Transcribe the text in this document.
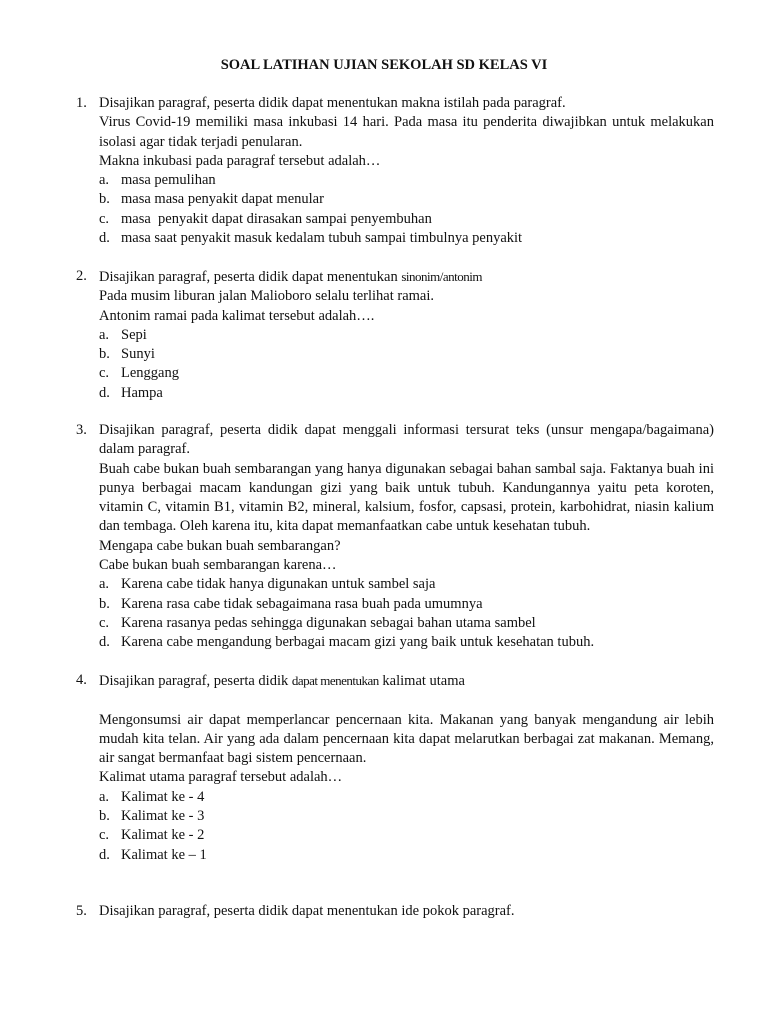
SOAL LATIHAN UJIAN SEKOLAH SD KELAS VI
1. Disajikan paragraf, peserta didik dapat menentukan makna istilah pada paragraf.
Virus Covid-19 memiliki masa inkubasi 14 hari. Pada masa itu penderita diwajibkan untuk melakukan isolasi agar tidak terjadi penularan.
Makna inkubasi pada paragraf tersebut adalah…
a. masa pemulihan
b. masa masa penyakit dapat menular
c. masa  penyakit dapat dirasakan sampai penyembuhan
d. masa saat penyakit masuk kedalam tubuh sampai timbulnya penyakit
2. Disajikan paragraf, peserta didik dapat menentukan sinonim/antonim
Pada musim liburan jalan Malioboro selalu terlihat ramai.
Antonim ramai pada kalimat tersebut adalah….
a. Sepi
b. Sunyi
c. Lenggang
d. Hampa
3. Disajikan paragraf, peserta didik dapat menggali informasi tersurat teks (unsur mengapa/bagaimana) dalam paragraf.
Buah cabe bukan buah sembarangan yang hanya digunakan sebagai bahan sambal saja. Faktanya buah ini punya berbagai macam kandungan gizi yang baik untuk tubuh. Kandungannya yaitu peta koroten, vitamin C, vitamin B1, vitamin B2, mineral, kalsium, fosfor, capsasi, protein, karbohidrat, niasin kalium dan tembaga. Oleh karena itu, kita dapat memanfaatkan cabe untuk kesehatan tubuh.
Mengapa cabe bukan buah sembarangan?
Cabe bukan buah sembarangan karena…
a. Karena cabe tidak hanya digunakan untuk sambel saja
b. Karena rasa cabe tidak sebagaimana rasa buah pada umumnya
c. Karena rasanya pedas sehingga digunakan sebagai bahan utama sambel
d. Karena cabe mengandung berbagai macam gizi yang baik untuk kesehatan tubuh.
4. Disajikan paragraf, peserta didik dapat menentukan kalimat utama
Mengonsumsi air dapat memperlancar pencernaan kita. Makanan yang banyak mengandung air lebih mudah kita telan. Air yang ada dalam pencernaan kita dapat melarutkan berbagai zat makanan. Memang, air sangat bermanfaat bagi sistem pencernaan.
Kalimat utama paragraf tersebut adalah…
a. Kalimat ke - 4
b. Kalimat ke - 3
c. Kalimat ke - 2
d. Kalimat ke – 1
5. Disajikan paragraf, peserta didik dapat menentukan ide pokok paragraf.
